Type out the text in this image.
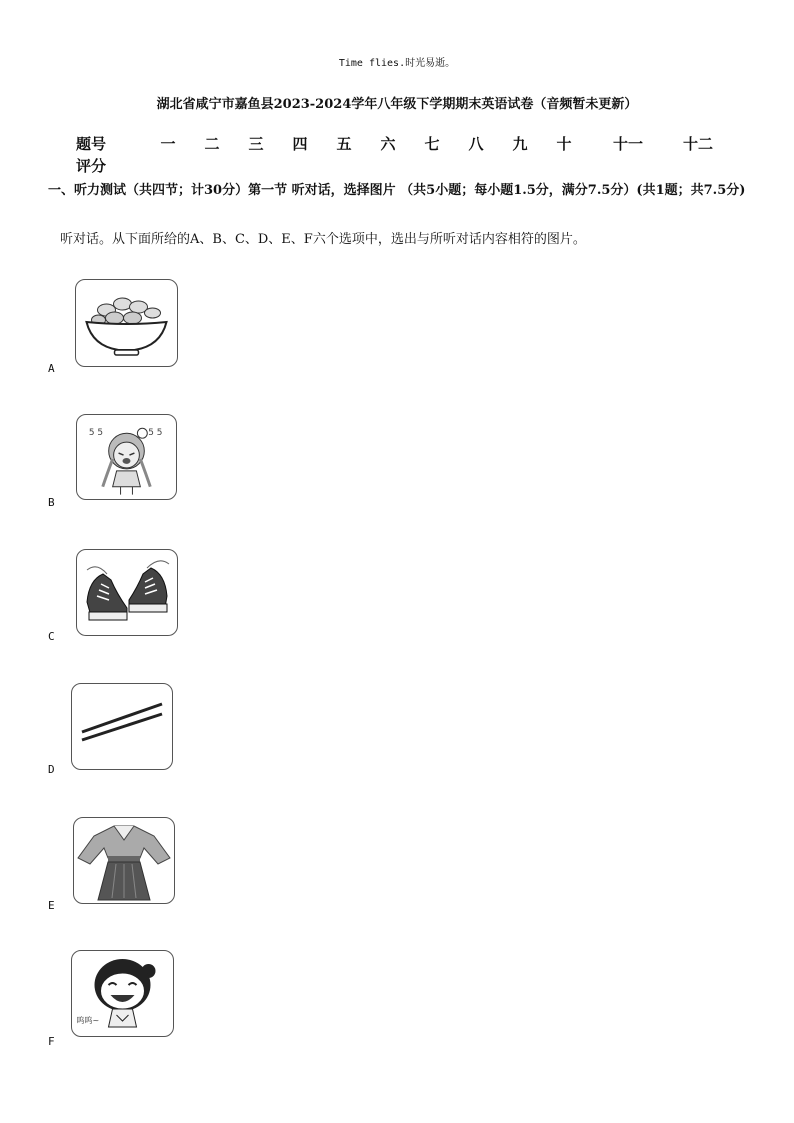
Time flies.时光易逝。
湖北省咸宁市嘉鱼县2023-2024学年八年级下学期期末英语试卷（音频暂未更新）
题号	一	二	三	四	五	六	七	八	九	十	十一	十二
评分
一、听力测试（共四节；计30分）第一节 听对话，选择图片 （共5小题；每小题1.5分，满分7.5分）(共1题；共7.5分)
听对话。从下面所给的A、B、C、D、E、F六个选项中，选出与所听对话内容相符的图片。
A
5 5	5 5
B
C
D
E
呜呜~
F
